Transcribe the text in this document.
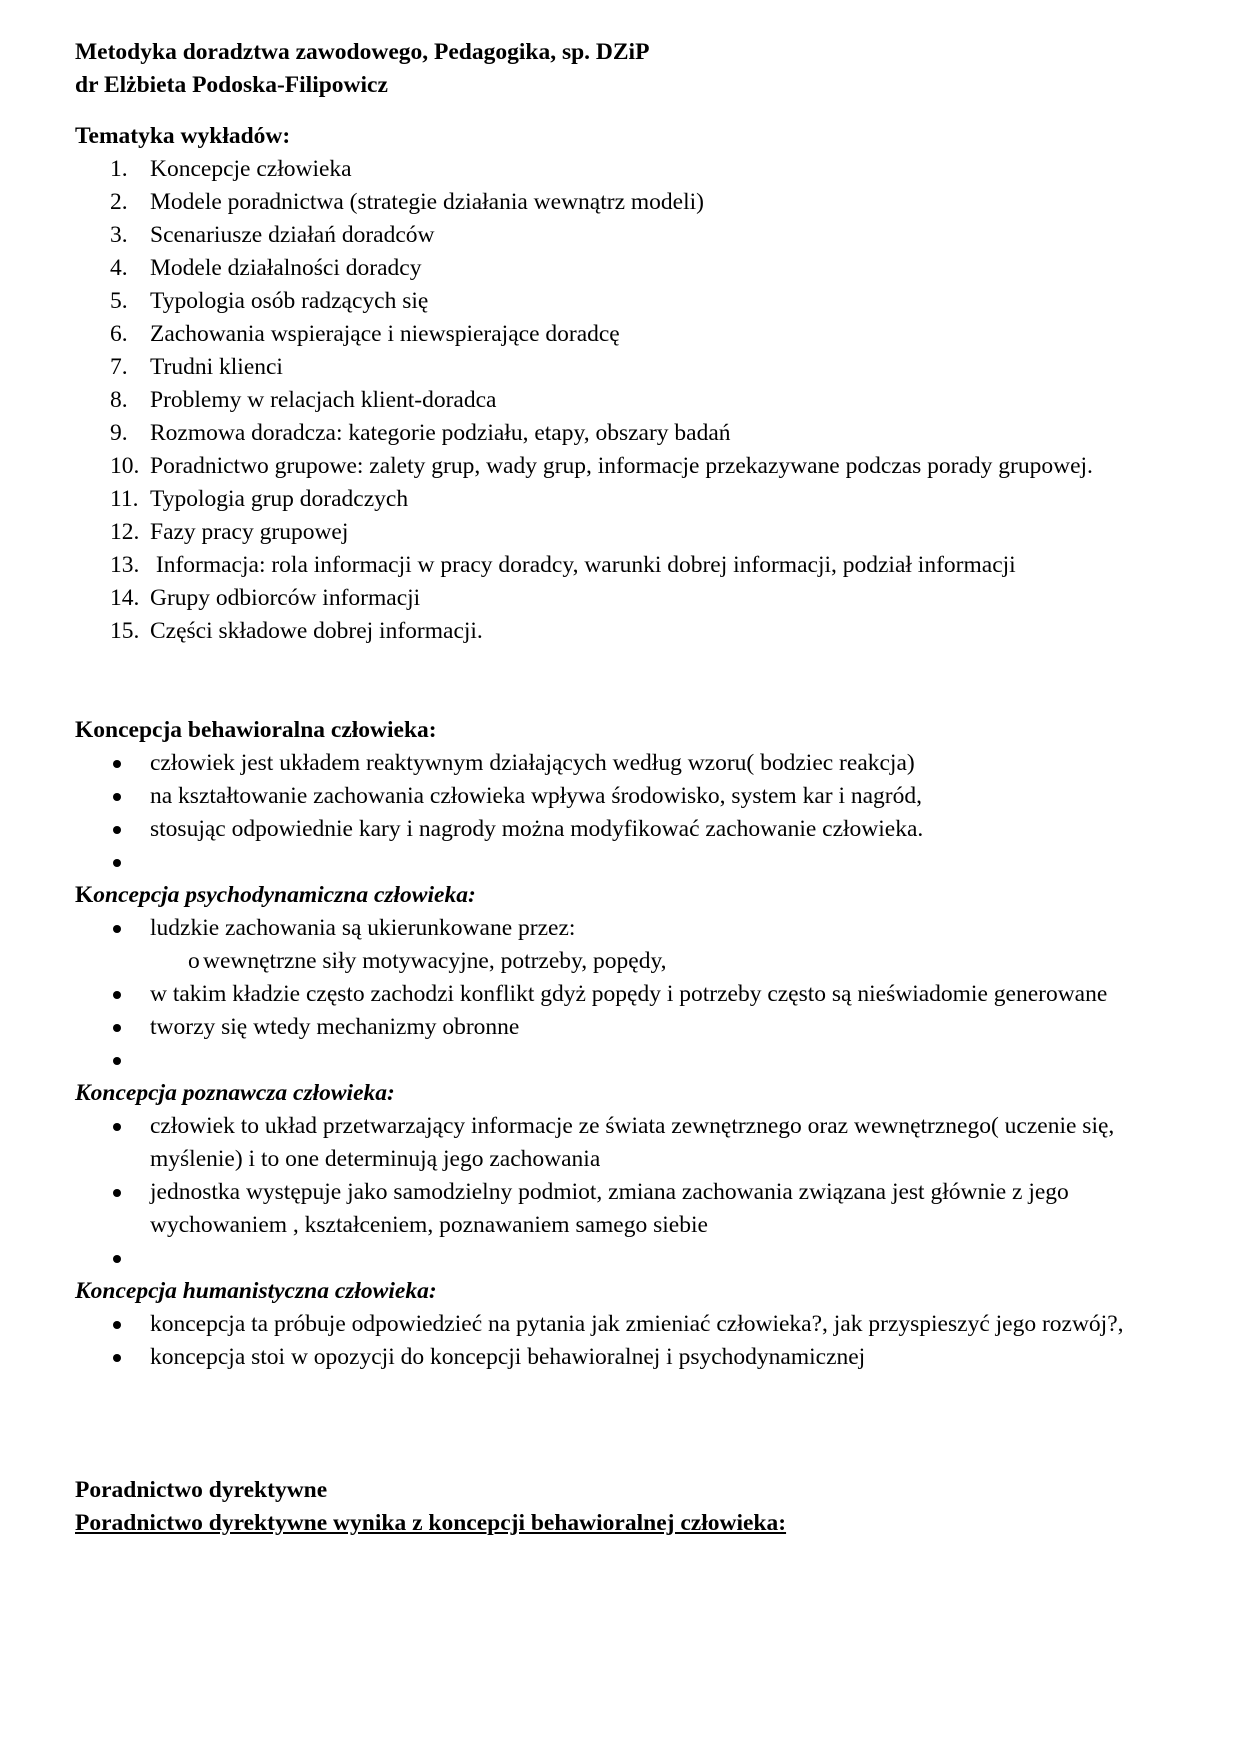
Metodyka doradztwa zawodowego, Pedagogika, sp. DZiP

dr Elżbieta Podoska-Filipowicz

Tematyka wykładów:

1. Koncepcje człowieka
2. Modele poradnictwa (strategie działania wewnątrz modeli)
3. Scenariusze działań doradców
4. Modele działalności doradcy
5. Typologia osób radzących się
6. Zachowania wspierające i niewspierające doradcę
7. Trudni klienci
8. Problemy w relacjach klient-doradca
9. Rozmowa doradcza: kategorie podziału, etapy, obszary badań
10. Poradnictwo grupowe: zalety grup, wady grup, informacje przekazywane podczas porady grupowej.
11. Typologia grup doradczych
12. Fazy pracy grupowej
13. Informacja: rola informacji w pracy doradcy, warunki dobrej informacji, podział informacji
14. Grupy odbiorców informacji
15. Części składowe dobrej informacji.

Koncepcja behawioralna człowieka:

człowiek jest układem reaktywnym działających według wzoru( bodziec reakcja)
na kształtowanie zachowania człowieka wpływa środowisko, system kar i nagród,
stosując odpowiednie kary i nagrody można modyfikować zachowanie człowieka.

Koncepcja psychodynamiczna człowieka:

ludzkie zachowania są ukierunkowane przez:
o wewnętrzne siły motywacyjne, potrzeby, popędy,
w takim kładzie często zachodzi konflikt gdyż popędy i potrzeby często są nieświadomie generowane
tworzy się wtedy mechanizmy obronne

Koncepcja poznawcza człowieka:

człowiek to układ przetwarzający informacje ze świata zewnętrznego oraz wewnętrznego( uczenie się, myślenie) i to one determinują jego zachowania
jednostka występuje jako samodzielny podmiot, zmiana zachowania związana jest głównie z jego wychowaniem , kształceniem, poznawaniem samego siebie

Koncepcja humanistyczna człowieka:

koncepcja ta próbuje odpowiedzieć na pytania jak zmieniać człowieka?, jak przyspieszyć jego rozwój?,
koncepcja stoi w opozycji do koncepcji behawioralnej i psychodynamicznej

Poradnictwo dyrektywne

Poradnictwo dyrektywne wynika z koncepcji behawioralnej człowieka:
